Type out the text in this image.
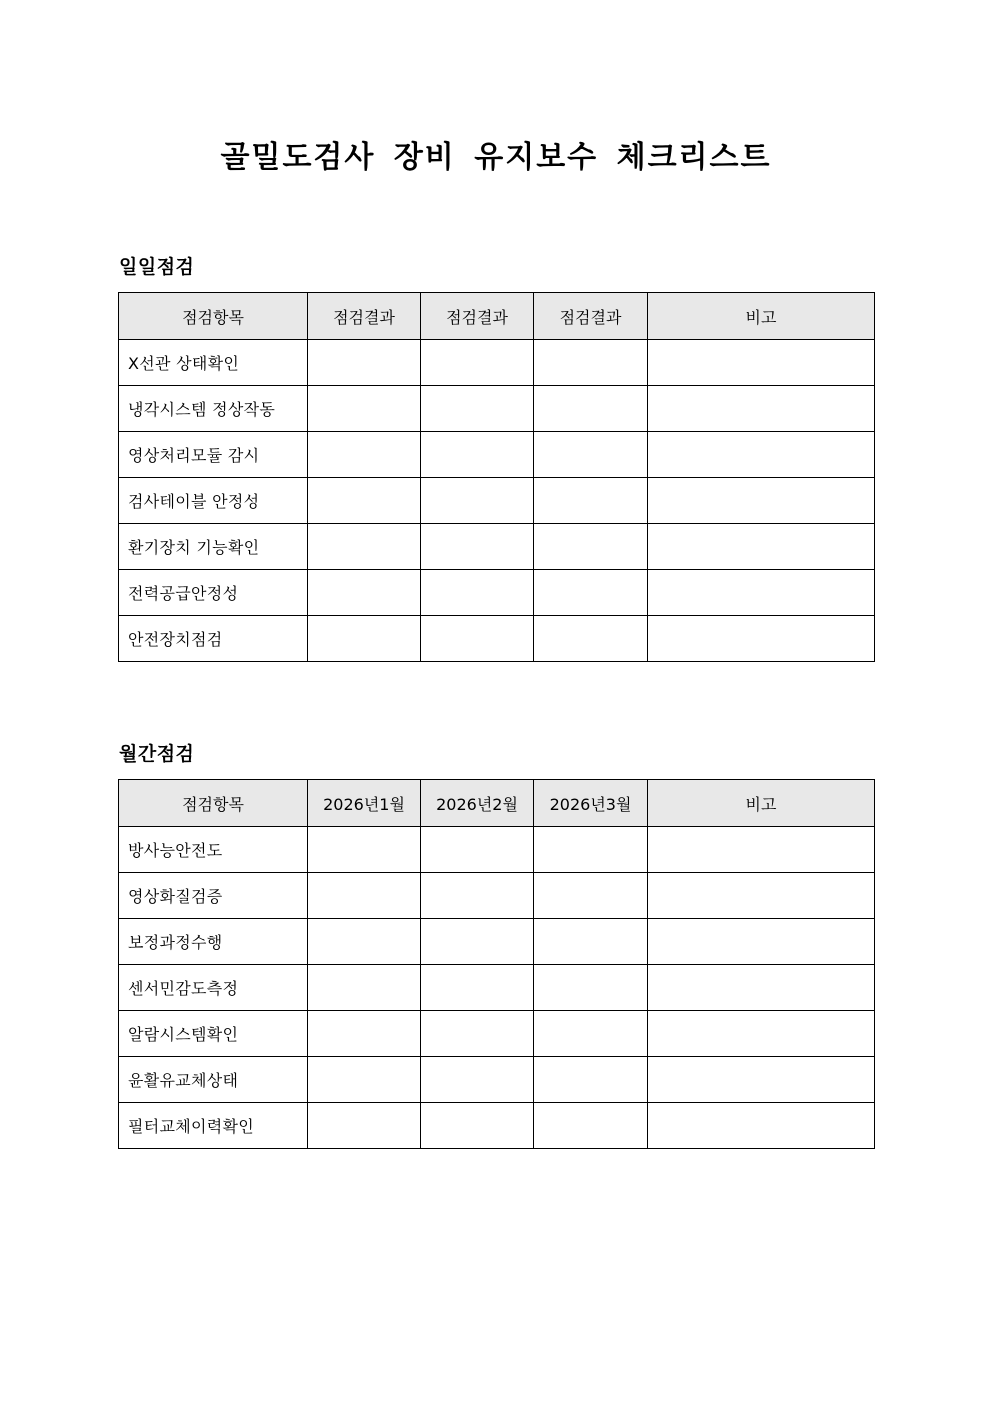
골밀도검사 장비 유지보수 체크리스트
일일점검
점검항목	점검결과	점검결과	점검결과	비고
X선관 상태확인				
냉각시스템 정상작동				
영상처리모듈 감시				
검사테이블 안정성				
환기장치 기능확인				
전력공급안정성				
안전장치점검				
월간점검
점검항목	2026년1월	2026년2월	2026년3월	비고
방사능안전도				
영상화질검증				
보정과정수행				
센서민감도측정				
알람시스템확인				
윤활유교체상태				
필터교체이력확인				
